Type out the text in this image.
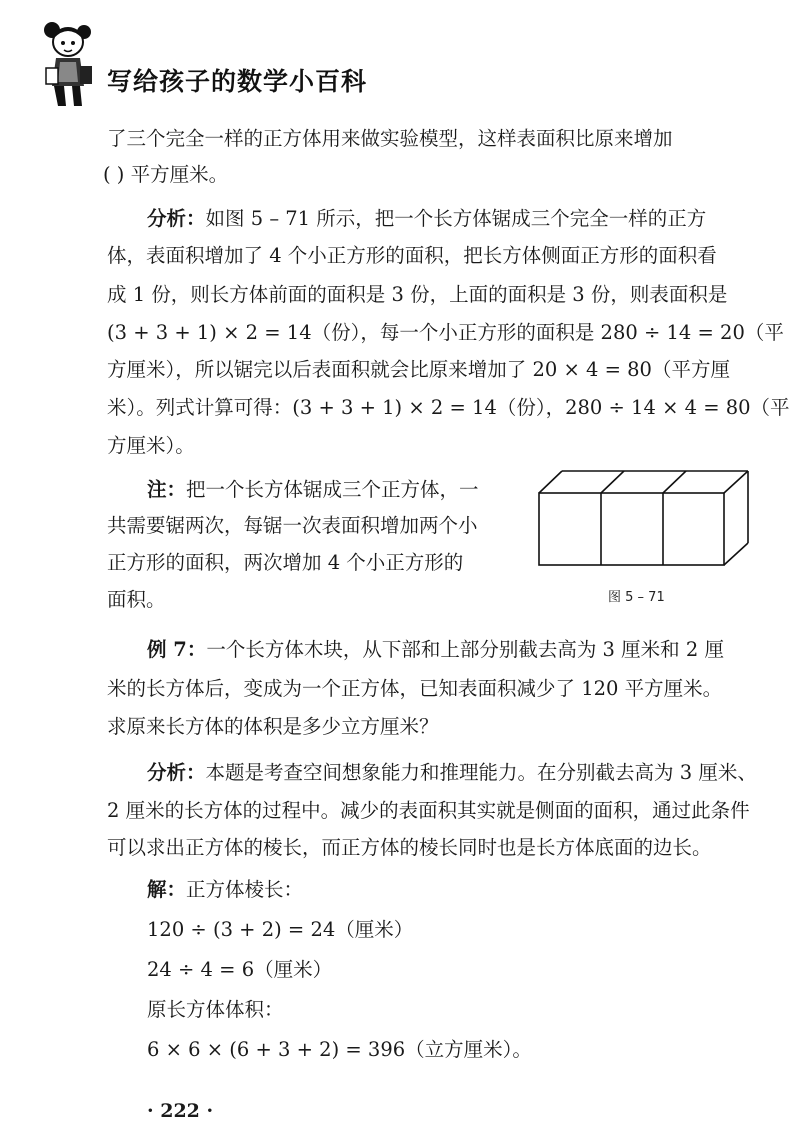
写给孩子的数学小百科
了三个完全一样的正方体用来做实验模型，这样表面积比原来增加
( ) 平方厘米。
分析：如图 5 – 71 所示，把一个长方体锯成三个完全一样的正方
体，表面积增加了 4 个小正方形的面积，把长方体侧面正方形的面积看
成 1 份，则长方体前面的面积是 3 份，上面的面积是 3 份，则表面积是
(3 + 3 + 1) × 2 = 14（份），每一个小正方形的面积是 280 ÷ 14 = 20（平
方厘米），所以锯完以后表面积就会比原来增加了 20 × 4 = 80（平方厘
米）。列式计算可得：(3 + 3 + 1) × 2 = 14（份），280 ÷ 14 × 4 = 80（平
方厘米）。
注：把一个长方体锯成三个正方体，一
共需要锯两次，每锯一次表面积增加两个小
正方形的面积，两次增加 4 个小正方形的
面积。	图 5 – 71
例 7：一个长方体木块，从下部和上部分别截去高为 3 厘米和 2 厘
米的长方体后，变成为一个正方体，已知表面积减少了 120 平方厘米。
求原来长方体的体积是多少立方厘米？
分析：本题是考查空间想象能力和推理能力。在分别截去高为 3 厘米、
2 厘米的长方体的过程中。减少的表面积其实就是侧面的面积，通过此条件
可以求出正方体的棱长，而正方体的棱长同时也是长方体底面的边长。
解：正方体棱长：
120 ÷ (3 + 2) = 24（厘米）
24 ÷ 4 = 6（厘米）
原长方体体积：
6 × 6 × (6 + 3 + 2) = 396（立方厘米）。
· 222 ·
